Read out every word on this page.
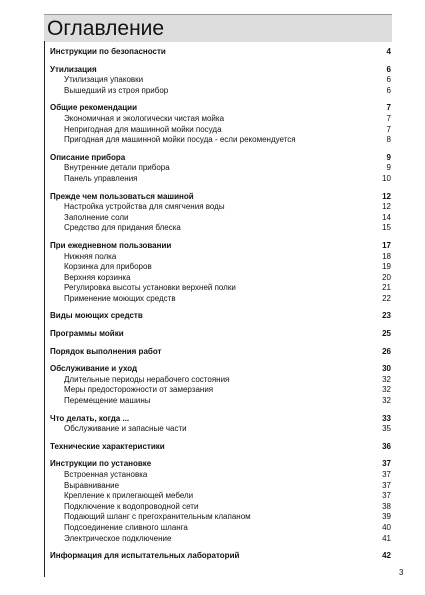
Оглавление
Инструкции по безопасности	4
Утилизация	6
Утилизация упаковки	6
Вышедший из строя прибор	6
Общие рекомендации	7
Экономичная и экологически чистая мойка	7
Непригодная для машинной мойки посуда	7
Пригодная для машинной мойки посуда - если рекомендуется	8
Описание прибора	9
Внутренние детали прибора	9
Панель управления	10
Прежде чем пользоваться машиной	12
Настройка устройства для смягчения воды	12
Заполнение соли	14
Средство для придания блеска	15
При ежедневном пользовании	17
Нижняя полка	18
Корзинка для приборов	19
Верхняя корзинка	20
Регулировка высоты установки верхней полки	21
Применение моющих средств	22
Виды моющих средств	23
Программы мойки	25
Порядок выполнения работ	26
Обслуживание и уход	30
Длительные периоды нерабочего состояния	32
Меры предосторожности от замерзания	32
Перемещение машины	32
Что делать, когда ...	33
Обслуживание и запасные части	35
Технические характеристики	36
Инструкции по установке	37
Встроенная установка	37
Выравнивание	37
Крепление к прилегающей мебели	37
Подключение к водопроводной сети	38
Подающий шланг с прегохранительным клапаном	39
Подсоединение сливного шланга	40
Электрическое подключение	41
Информация для испытательных лабораторий	42
3
